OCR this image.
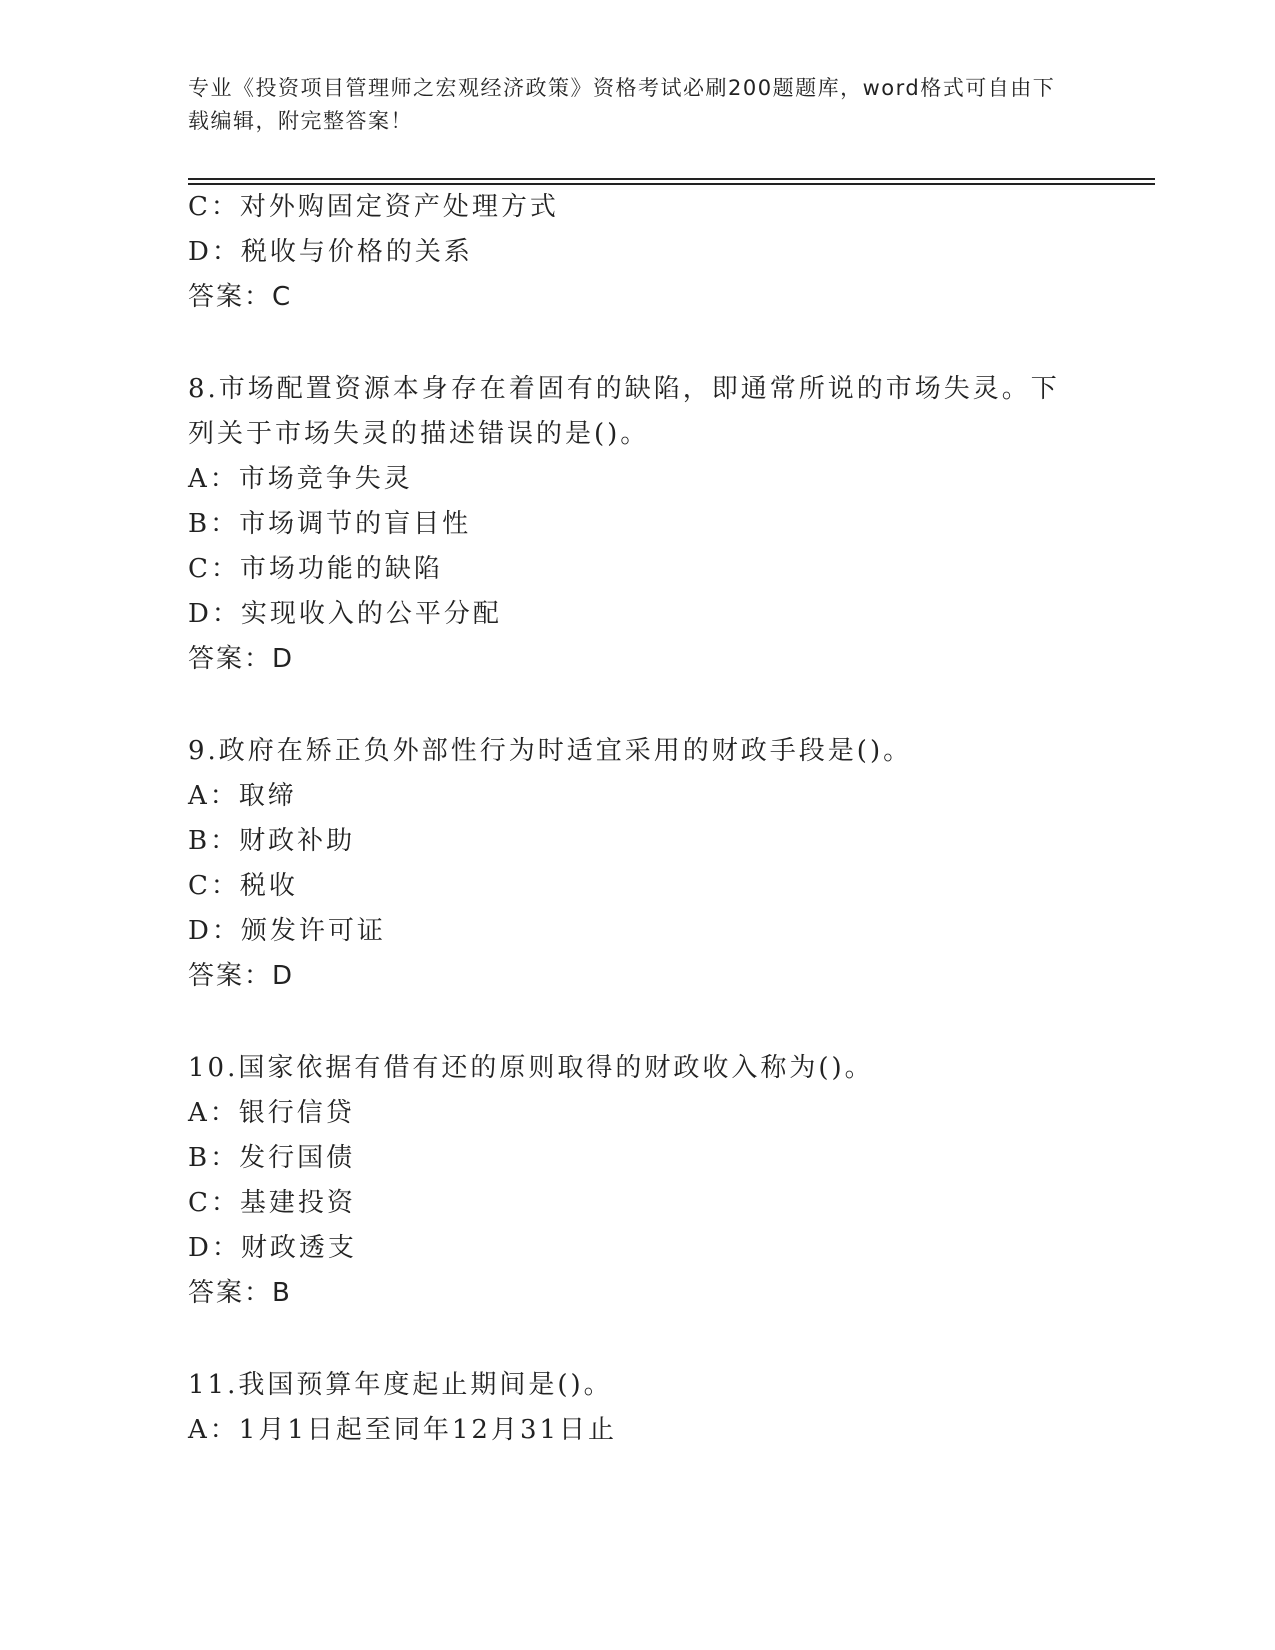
专业《投资项目管理师之宏观经济政策》资格考试必刷200题题库，word格式可自由下载编辑，附完整答案！
C：对外购固定资产处理方式
D：税收与价格的关系
答案：C
8.市场配置资源本身存在着固有的缺陷，即通常所说的市场失灵。下
列关于市场失灵的描述错误的是()。
A：市场竞争失灵
B：市场调节的盲目性
C：市场功能的缺陷
D：实现收入的公平分配
答案：D
9.政府在矫正负外部性行为时适宜采用的财政手段是()。
A：取缔
B：财政补助
C：税收
D：颁发许可证
答案：D
10.国家依据有借有还的原则取得的财政收入称为()。
A：银行信贷
B：发行国债
C：基建投资
D：财政透支
答案：B
11.我国预算年度起止期间是()。
A：1月1日起至同年12月31日止
